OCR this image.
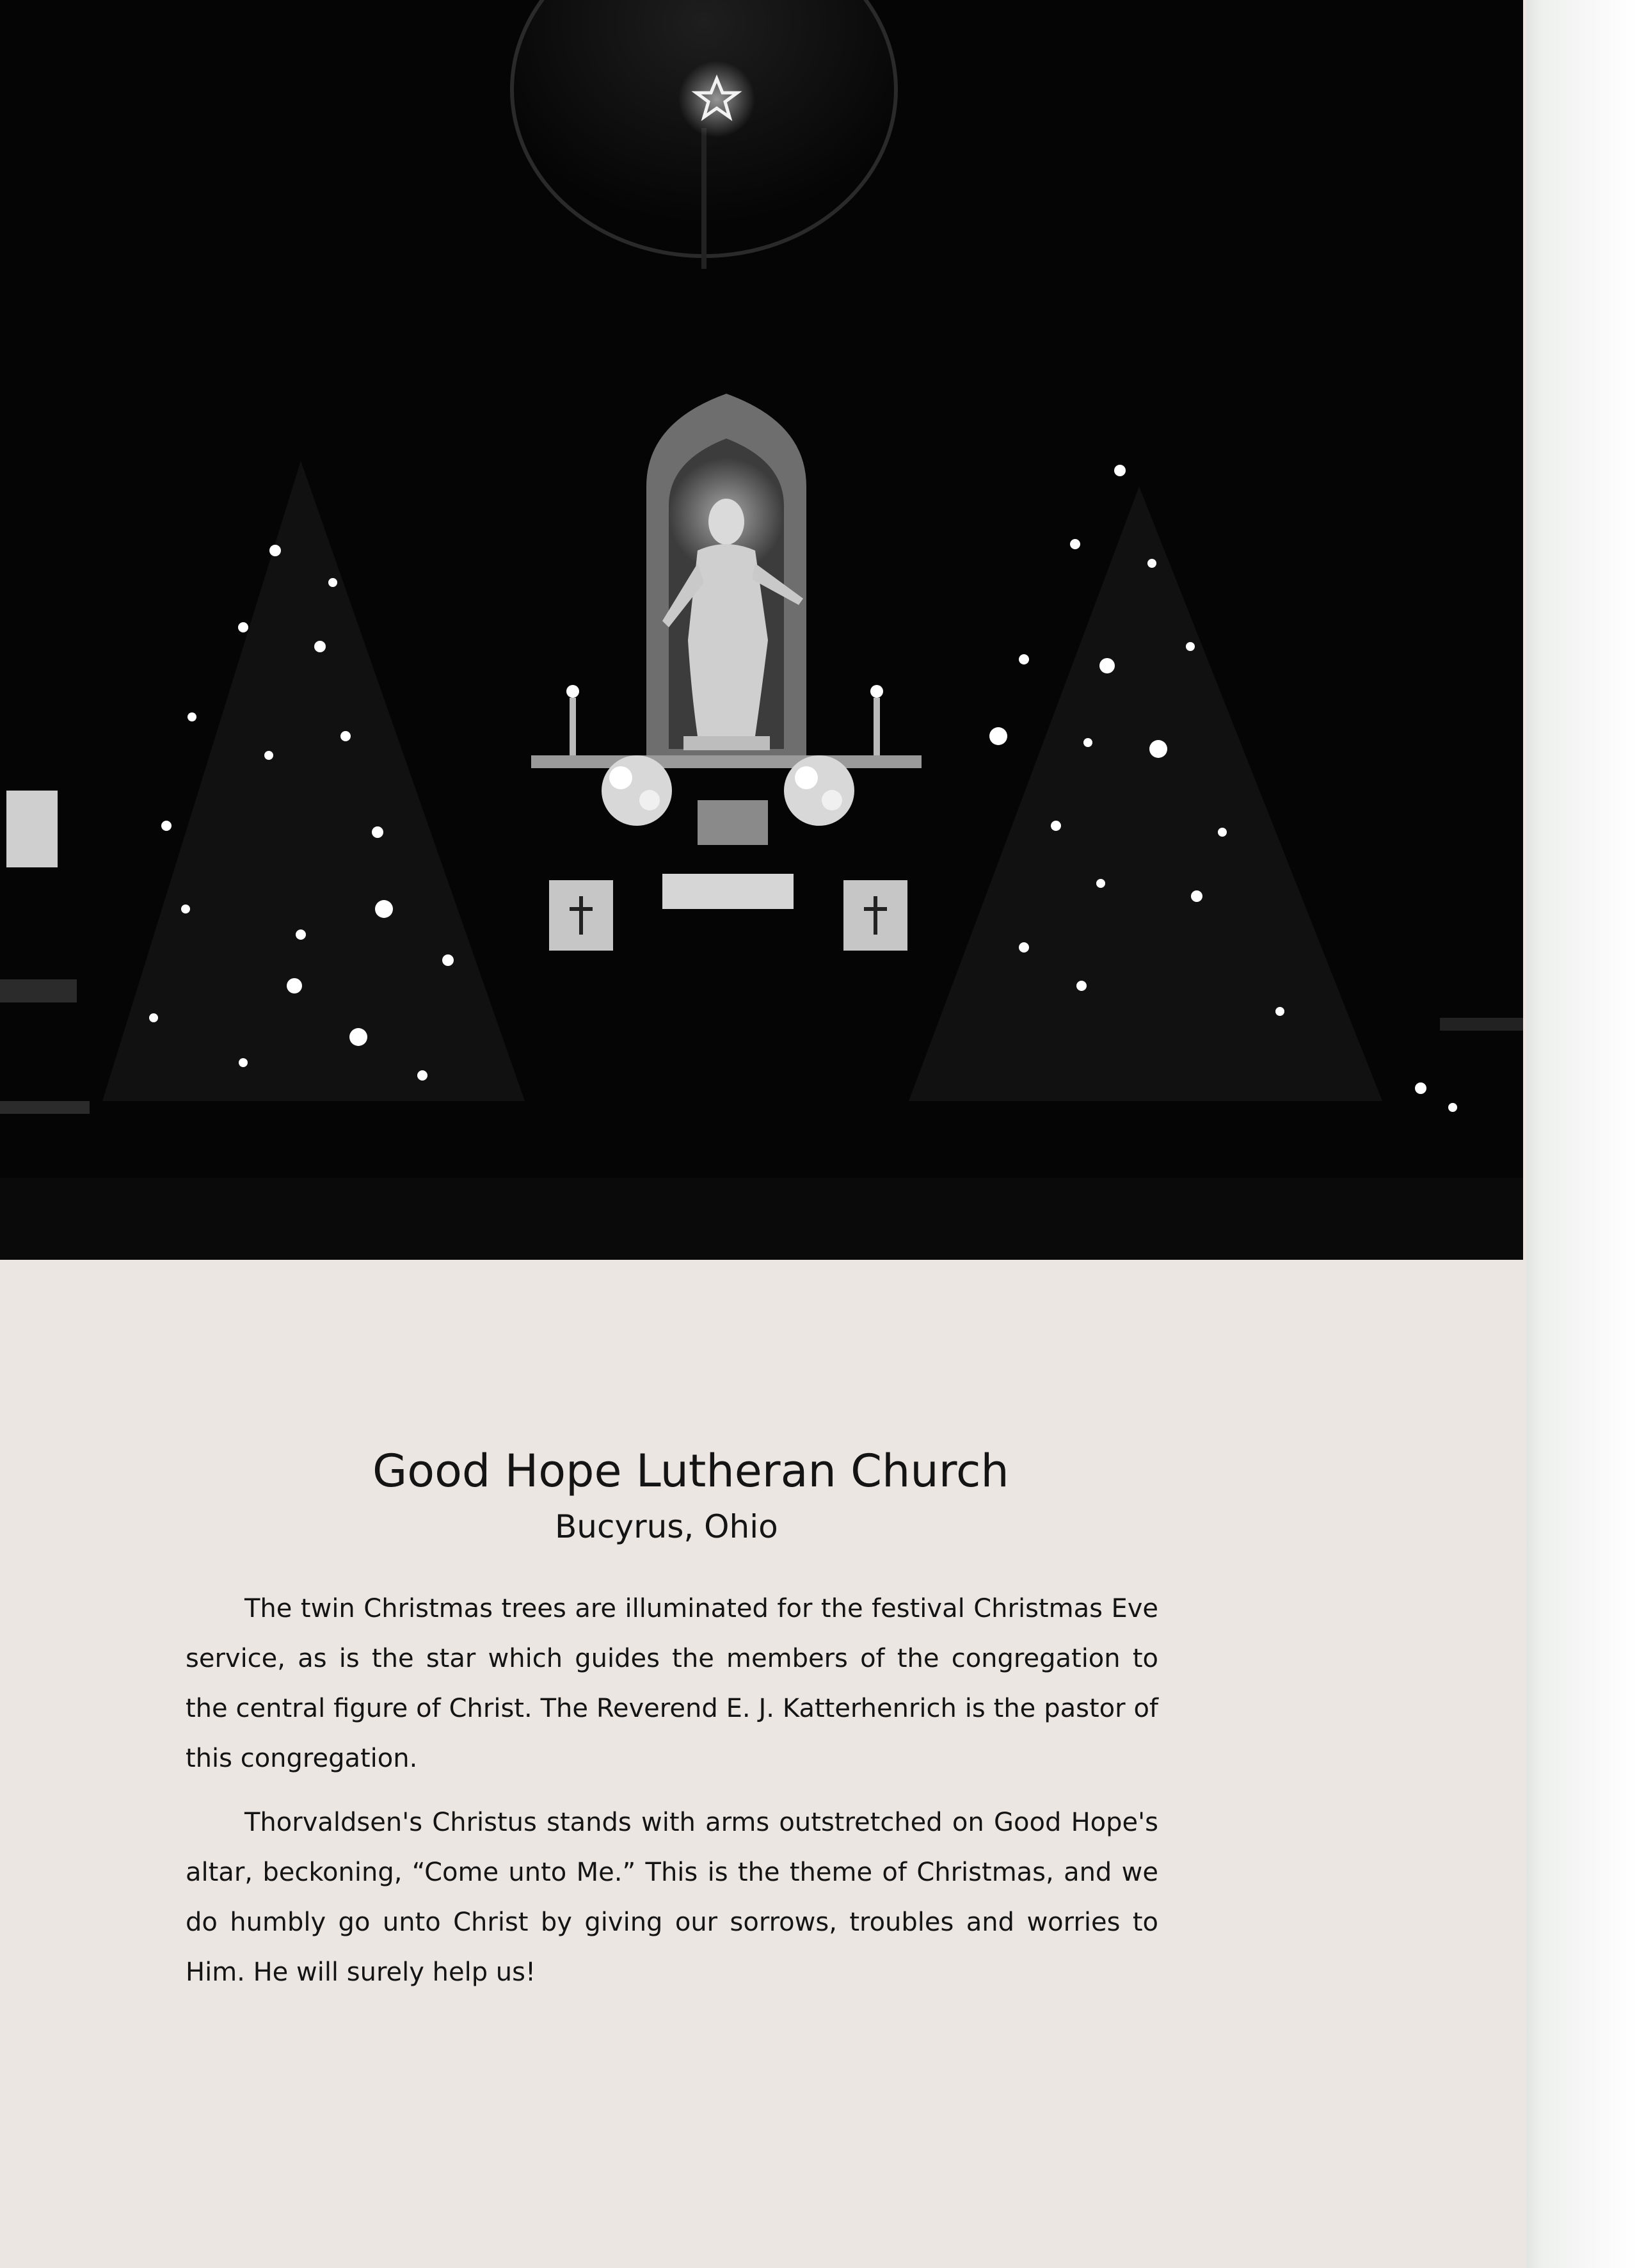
Good Hope Lutheran Church
Bucyrus, Ohio

The twin Christmas trees are illuminated for the festival Christmas Eve service, as is the star which guides the members of the congregation to the central figure of Christ. The Reverend E. J. Katterhenrich is the pastor of this congregation.

Thorvaldsen's Christus stands with arms outstretched on Good Hope's altar, beckoning, “Come unto Me.” This is the theme of Christmas, and we do humbly go unto Christ by giving our sorrows, troubles and worries to Him. He will surely help us!
